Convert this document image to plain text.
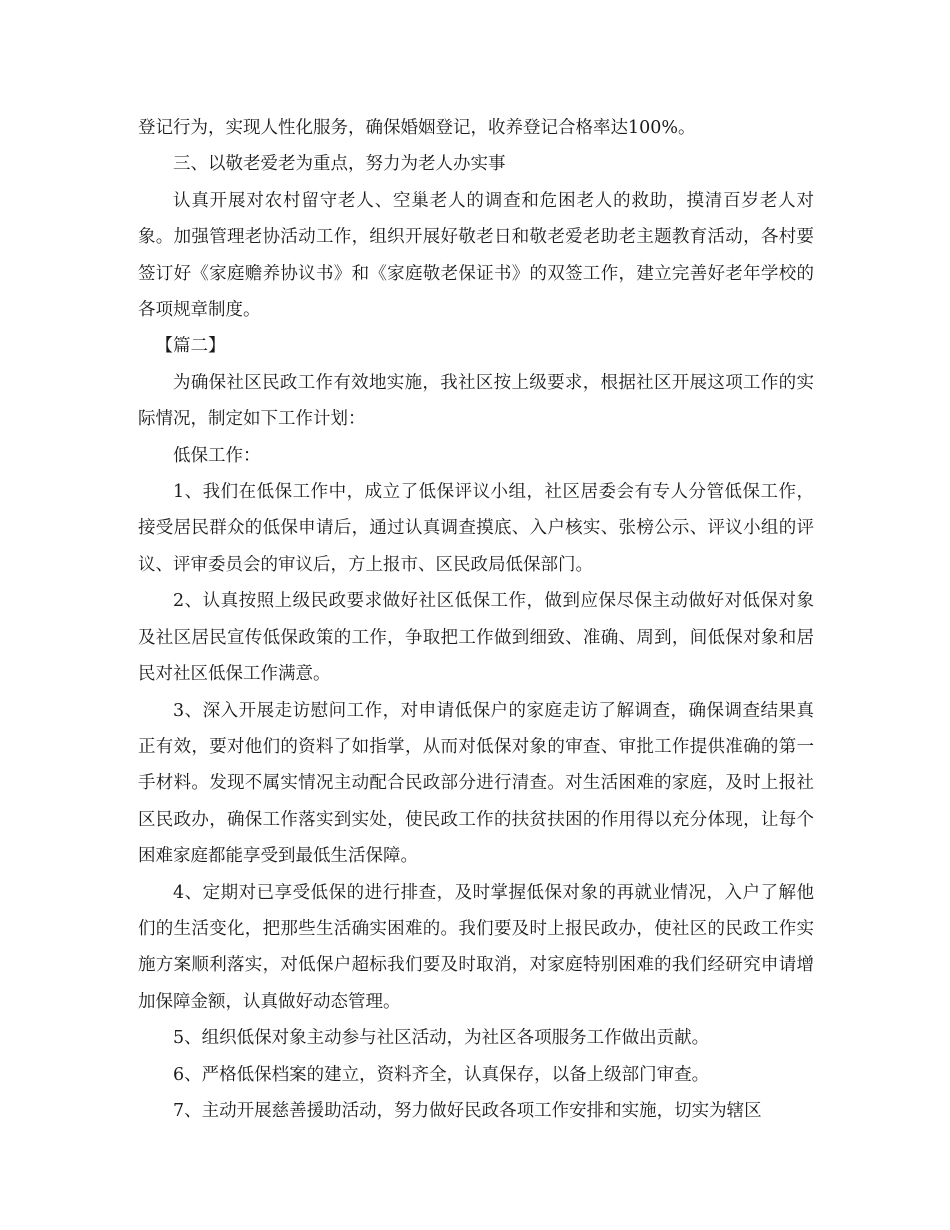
登记行为，实现人性化服务，确保婚姻登记，收养登记合格率达100%。

三、以敬老爱老为重点，努力为老人办实事

认真开展对农村留守老人、空巢老人的调查和危困老人的救助，摸清百岁老人对象。加强管理老协活动工作，组织开展好敬老日和敬老爱老助老主题教育活动，各村要签订好《家庭赡养协议书》和《家庭敬老保证书》的双签工作，建立完善好老年学校的各项规章制度。

【篇二】

为确保社区民政工作有效地实施，我社区按上级要求，根据社区开展这项工作的实际情况，制定如下工作计划：

低保工作：

1、我们在低保工作中，成立了低保评议小组，社区居委会有专人分管低保工作，接受居民群众的低保申请后，通过认真调查摸底、入户核实、张榜公示、评议小组的评议、评审委员会的审议后，方上报市、区民政局低保部门。

2、认真按照上级民政要求做好社区低保工作，做到应保尽保主动做好对低保对象及社区居民宣传低保政策的工作，争取把工作做到细致、准确、周到，间低保对象和居民对社区低保工作满意。

3、深入开展走访慰问工作，对申请低保户的家庭走访了解调查，确保调查结果真正有效，要对他们的资料了如指掌，从而对低保对象的审查、审批工作提供准确的第一手材料。发现不属实情况主动配合民政部分进行清查。对生活困难的家庭，及时上报社区民政办，确保工作落实到实处，使民政工作的扶贫扶困的作用得以充分体现，让每个困难家庭都能享受到最低生活保障。

4、定期对已享受低保的进行排查，及时掌握低保对象的再就业情况，入户了解他们的生活变化，把那些生活确实困难的。我们要及时上报民政办，使社区的民政工作实施方案顺利落实，对低保户超标我们要及时取消，对家庭特别困难的我们经研究申请增加保障金额，认真做好动态管理。

5、组织低保对象主动参与社区活动，为社区各项服务工作做出贡献。

6、严格低保档案的建立，资料齐全，认真保存，以备上级部门审查。

7、主动开展慈善援助活动，努力做好民政各项工作安排和实施，切实为辖区
